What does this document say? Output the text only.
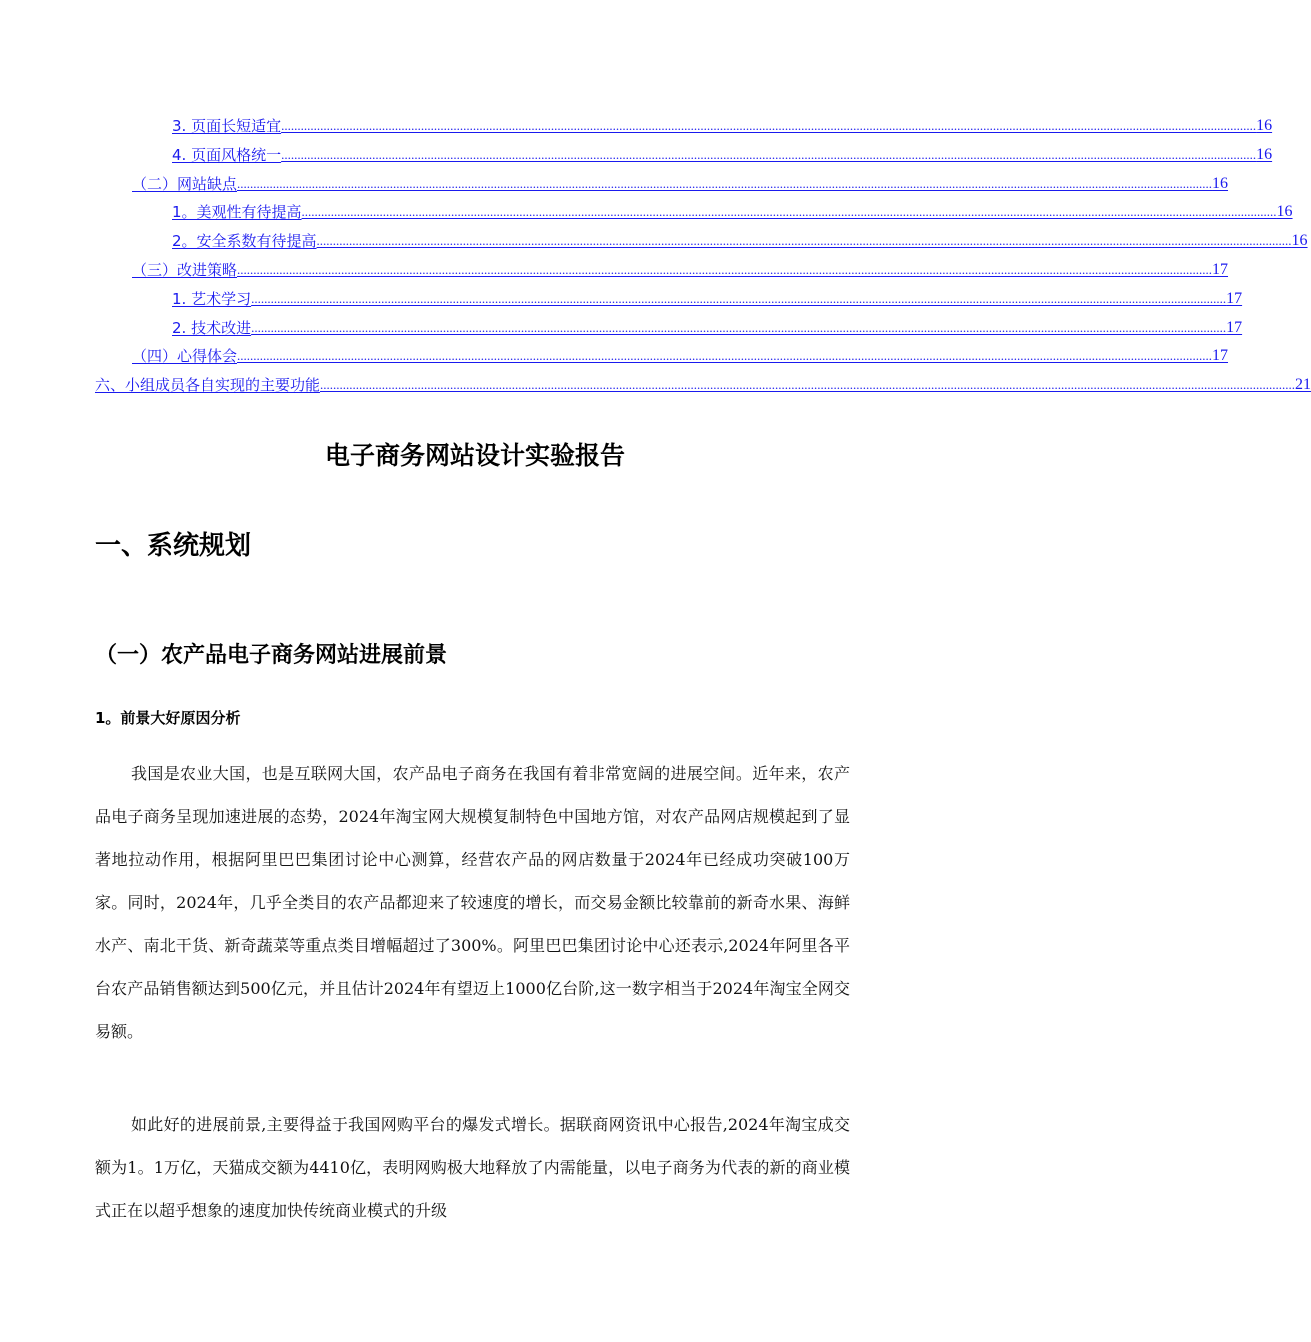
3. 页面长短适宜 ............................................................................................................................................................................................................................................................................................................ 16
4. 页面风格统一 ............................................................................................................................................................................................................................................................................................................ 16
（二）网站缺点 ............................................................................................................................................................................................................................................................................................................ 16
1。美观性有待提高 ............................................................................................................................................................................................................................................................................................................ 16
2。安全系数有待提高 ............................................................................................................................................................................................................................................................................................................ 16
（三）改进策略 ............................................................................................................................................................................................................................................................................................................ 17
1. 艺术学习 ............................................................................................................................................................................................................................................................................................................ 17
2. 技术改进 ............................................................................................................................................................................................................................................................................................................ 17
（四）心得体会 ............................................................................................................................................................................................................................................................................................................ 17
六、小组成员各自实现的主要功能 ............................................................................................................................................................................................................................................................................................................ 21
电子商务网站设计实验报告
一、系统规划
（一）农产品电子商务网站进展前景
1。前景大好原因分析

我国是农业大国，也是互联网大国，农产品电子商务在我国有着非常宽阔的进展空间。近年来，农产品电子商务呈现加速进展的态势，2024年淘宝网大规模复制特色中国地方馆，对农产品网店规模起到了显著地拉动作用，根据阿里巴巴集团讨论中心测算，经营农产品的网店数量于2024年已经成功突破100万家。同时，2024年，几乎全类目的农产品都迎来了较速度的增长，而交易金额比较靠前的新奇水果、海鲜水产、南北干货、新奇蔬菜等重点类目增幅超过了300%。阿里巴巴集团讨论中心还表示,2024年阿里各平台农产品销售额达到500亿元，并且估计2024年有望迈上1000亿台阶,这一数字相当于2024年淘宝全网交易额。

如此好的进展前景,主要得益于我国网购平台的爆发式增长。据联商网资讯中心报告,2024年淘宝成交额为1。1万亿，天猫成交额为4410亿，表明网购极大地释放了内需能量，以电子商务为代表的新的商业模式正在以超乎想象的速度加快传统商业模式的升级
